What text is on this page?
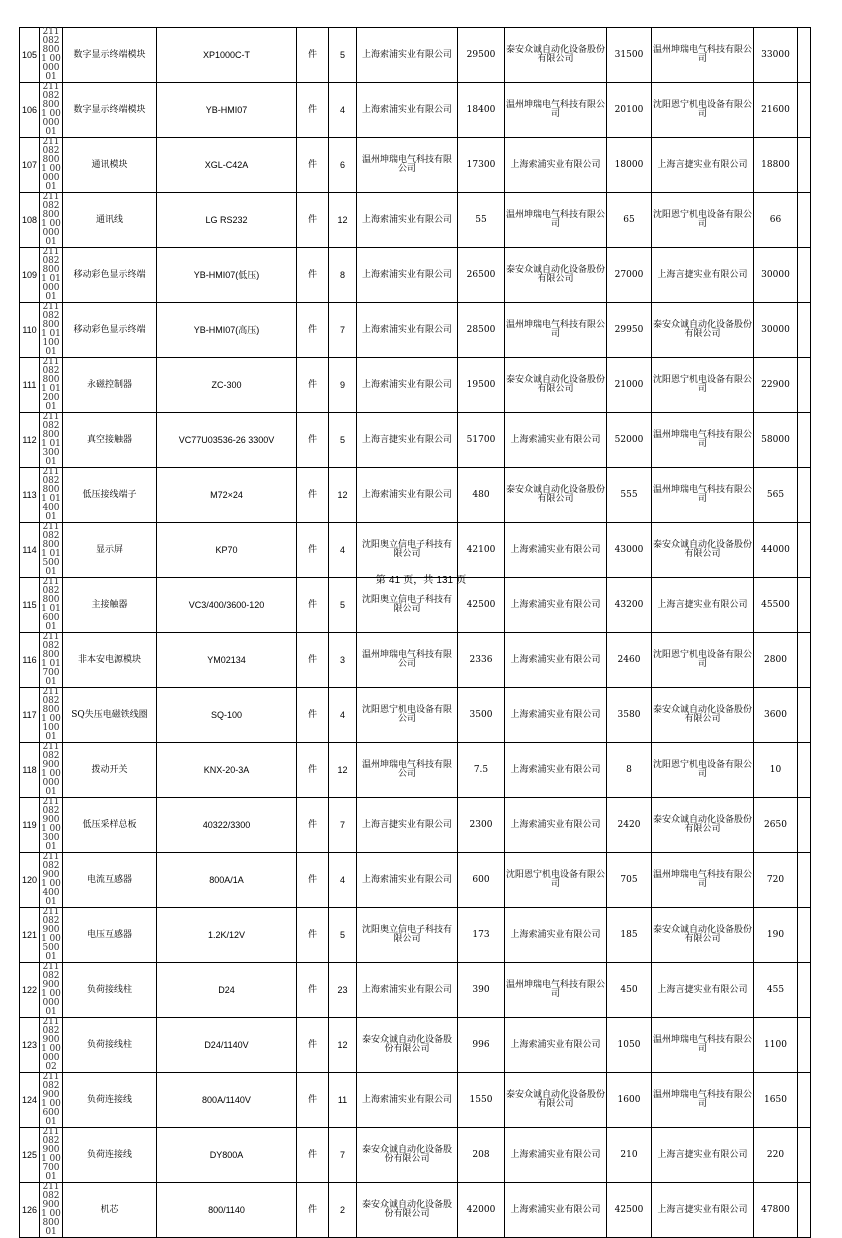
105	2110828001 0000001	数字显示终端模块	XP1000C-T	件	5	上海索浦实业有限公司	29500	泰安众诚自动化设备股份有限公司	31500	温州坤瑞电气科技有限公司	33000	
106	2110828001 0000001	数字显示终端模块	YB-HMI07	件	4	上海索浦实业有限公司	18400	温州坤瑞电气科技有限公司	20100	沈阳恩宁机电设备有限公司	21600	
107	2110828001 0000001	通讯模块	XGL-C42A	件	6	温州坤瑞电气科技有限公司	17300	上海索浦实业有限公司	18000	上海言捷实业有限公司	18800	
108	2110828001 0000001	通讯线	LG RS232	件	12	上海索浦实业有限公司	55	温州坤瑞电气科技有限公司	65	沈阳恩宁机电设备有限公司	66	
109	2110828001 0100001	移动彩色显示终端	YB-HMI07(低压)	件	8	上海索浦实业有限公司	26500	泰安众诚自动化设备股份有限公司	27000	上海言捷实业有限公司	30000	
110	2110828001 0110001	移动彩色显示终端	YB-HMI07(高压)	件	7	上海索浦实业有限公司	28500	温州坤瑞电气科技有限公司	29950	泰安众诚自动化设备股份有限公司	30000	
111	2110828001 0120001	永磁控制器	ZC-300	件	9	上海索浦实业有限公司	19500	泰安众诚自动化设备股份有限公司	21000	沈阳恩宁机电设备有限公司	22900	
112	2110828001 0130001	真空接触器	VC77U03536-26 3300V	件	5	上海言捷实业有限公司	51700	上海索浦实业有限公司	52000	温州坤瑞电气科技有限公司	58000	
113	2110828001 0140001	低压接线端子	M72×24	件	12	上海索浦实业有限公司	480	泰安众诚自动化设备股份有限公司	555	温州坤瑞电气科技有限公司	565	
114	2110828001 0150001	显示屏	KP70	件	4	沈阳奥立信电子科技有限公司	42100	上海索浦实业有限公司	43000	泰安众诚自动化设备股份有限公司	44000	
115	2110828001 0160001	主接触器	VC3/400/3600-120	件	5	沈阳奥立信电子科技有限公司	42500	上海索浦实业有限公司	43200	上海言捷实业有限公司	45500	
116	2110828001 0170001	非本安电源模块	YM02134	件	3	温州坤瑞电气科技有限公司	2336	上海索浦实业有限公司	2460	沈阳恩宁机电设备有限公司	2800	
117	2110828001 0010001	SQ失压电磁铁线圈	SQ-100	件	4	沈阳恩宁机电设备有限公司	3500	上海索浦实业有限公司	3580	泰安众诚自动化设备股份有限公司	3600	
118	2110829001 0000001	拨动开关	KNX-20-3A	件	12	温州坤瑞电气科技有限公司	7.5	上海索浦实业有限公司	8	沈阳恩宁机电设备有限公司	10	
119	2110829001 0030001	低压采样总板	40322/3300	件	7	上海言捷实业有限公司	2300	上海索浦实业有限公司	2420	泰安众诚自动化设备股份有限公司	2650	
120	2110829001 0040001	电流互感器	800A/1A	件	4	上海索浦实业有限公司	600	沈阳恩宁机电设备有限公司	705	温州坤瑞电气科技有限公司	720	
121	2110829001 0050001	电压互感器	1.2K/12V	件	5	沈阳奥立信电子科技有限公司	173	上海索浦实业有限公司	185	泰安众诚自动化设备股份有限公司	190	
122	2110829001 0000001	负荷接线柱	D24	件	23	上海索浦实业有限公司	390	温州坤瑞电气科技有限公司	450	上海言捷实业有限公司	455	
123	2110829001 0000002	负荷接线柱	D24/1140V	件	12	泰安众诚自动化设备股份有限公司	996	上海索浦实业有限公司	1050	温州坤瑞电气科技有限公司	1100	
124	2110829001 0060001	负荷连接线	800A/1140V	件	11	上海索浦实业有限公司	1550	泰安众诚自动化设备股份有限公司	1600	温州坤瑞电气科技有限公司	1650	
125	2110829001 0070001	负荷连接线	DY800A	件	7	泰安众诚自动化设备股份有限公司	208	上海索浦实业有限公司	210	上海言捷实业有限公司	220	
126	2110829001 0080001	机芯	800/1140	件	2	泰安众诚自动化设备股份有限公司	42000	上海索浦实业有限公司	42500	上海言捷实业有限公司	47800	
第 41 页，共 131 页
